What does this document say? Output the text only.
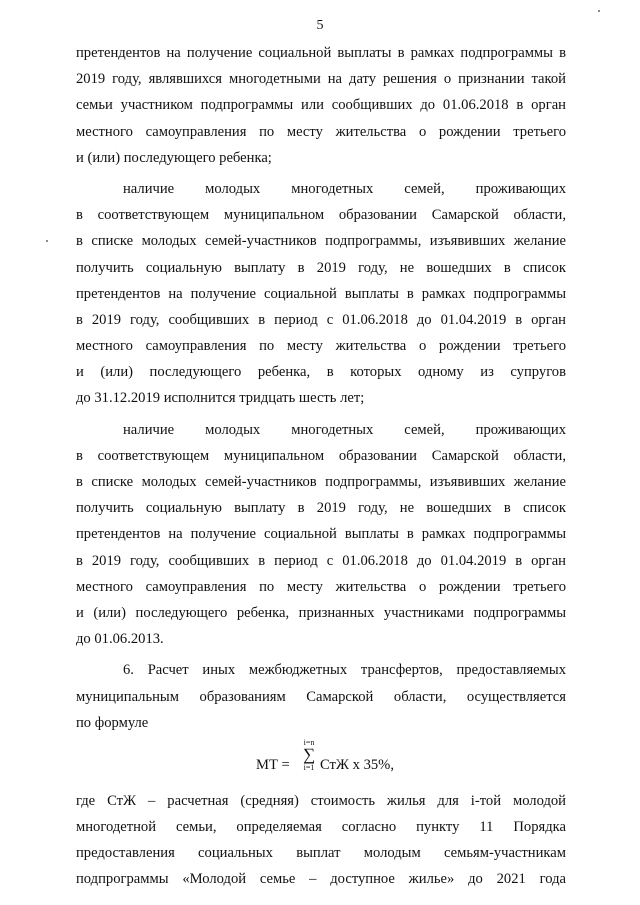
5
претендентов на получение социальной выплаты в рамках подпрограммы в
2019 году, являвшихся многодетными на дату решения о признании такой
семьи участником подпрограммы или сообщивших до 01.06.2018 в орган
местного самоуправления по месту жительства о рождении третьего
и (или) последующего ребенка;
наличие молодых многодетных семей, проживающих
в соответствующем муниципальном образовании Самарской области,
в списке молодых семей-участников подпрограммы, изъявивших желание
получить социальную выплату в 2019 году, не вошедших в список
претендентов на получение социальной выплаты в рамках подпрограммы
в 2019 году, сообщивших в период с 01.06.2018 до 01.04.2019 в орган
местного самоуправления по месту жительства о рождении третьего
и (или) последующего ребенка, в которых одному из супругов
до 31.12.2019 исполнится тридцать шесть лет;
наличие молодых многодетных семей, проживающих
в соответствующем муниципальном образовании Самарской области,
в списке молодых семей-участников подпрограммы, изъявивших желание
получить социальную выплату в 2019 году, не вошедших в список
претендентов на получение социальной выплаты в рамках подпрограммы
в 2019 году, сообщивших в период с 01.06.2018 до 01.04.2019 в орган
местного самоуправления по месту жительства о рождении третьего
и (или) последующего ребенка, признанных участниками подпрограммы
до 01.06.2013.
6. Расчет иных межбюджетных трансфертов, предоставляемых
муниципальным образованиям Самарской области, осуществляется
по формуле
МТ =
i=n
∑
i=1 СтЖ х 35%,
где СтЖ – расчетная (средняя) стоимость жилья для i-той молодой
многодетной семьи, определяемая согласно пункту 11 Порядка
предоставления социальных выплат молодым семьям-участникам
подпрограммы «Молодой семье – доступное жилье» до 2021 года
